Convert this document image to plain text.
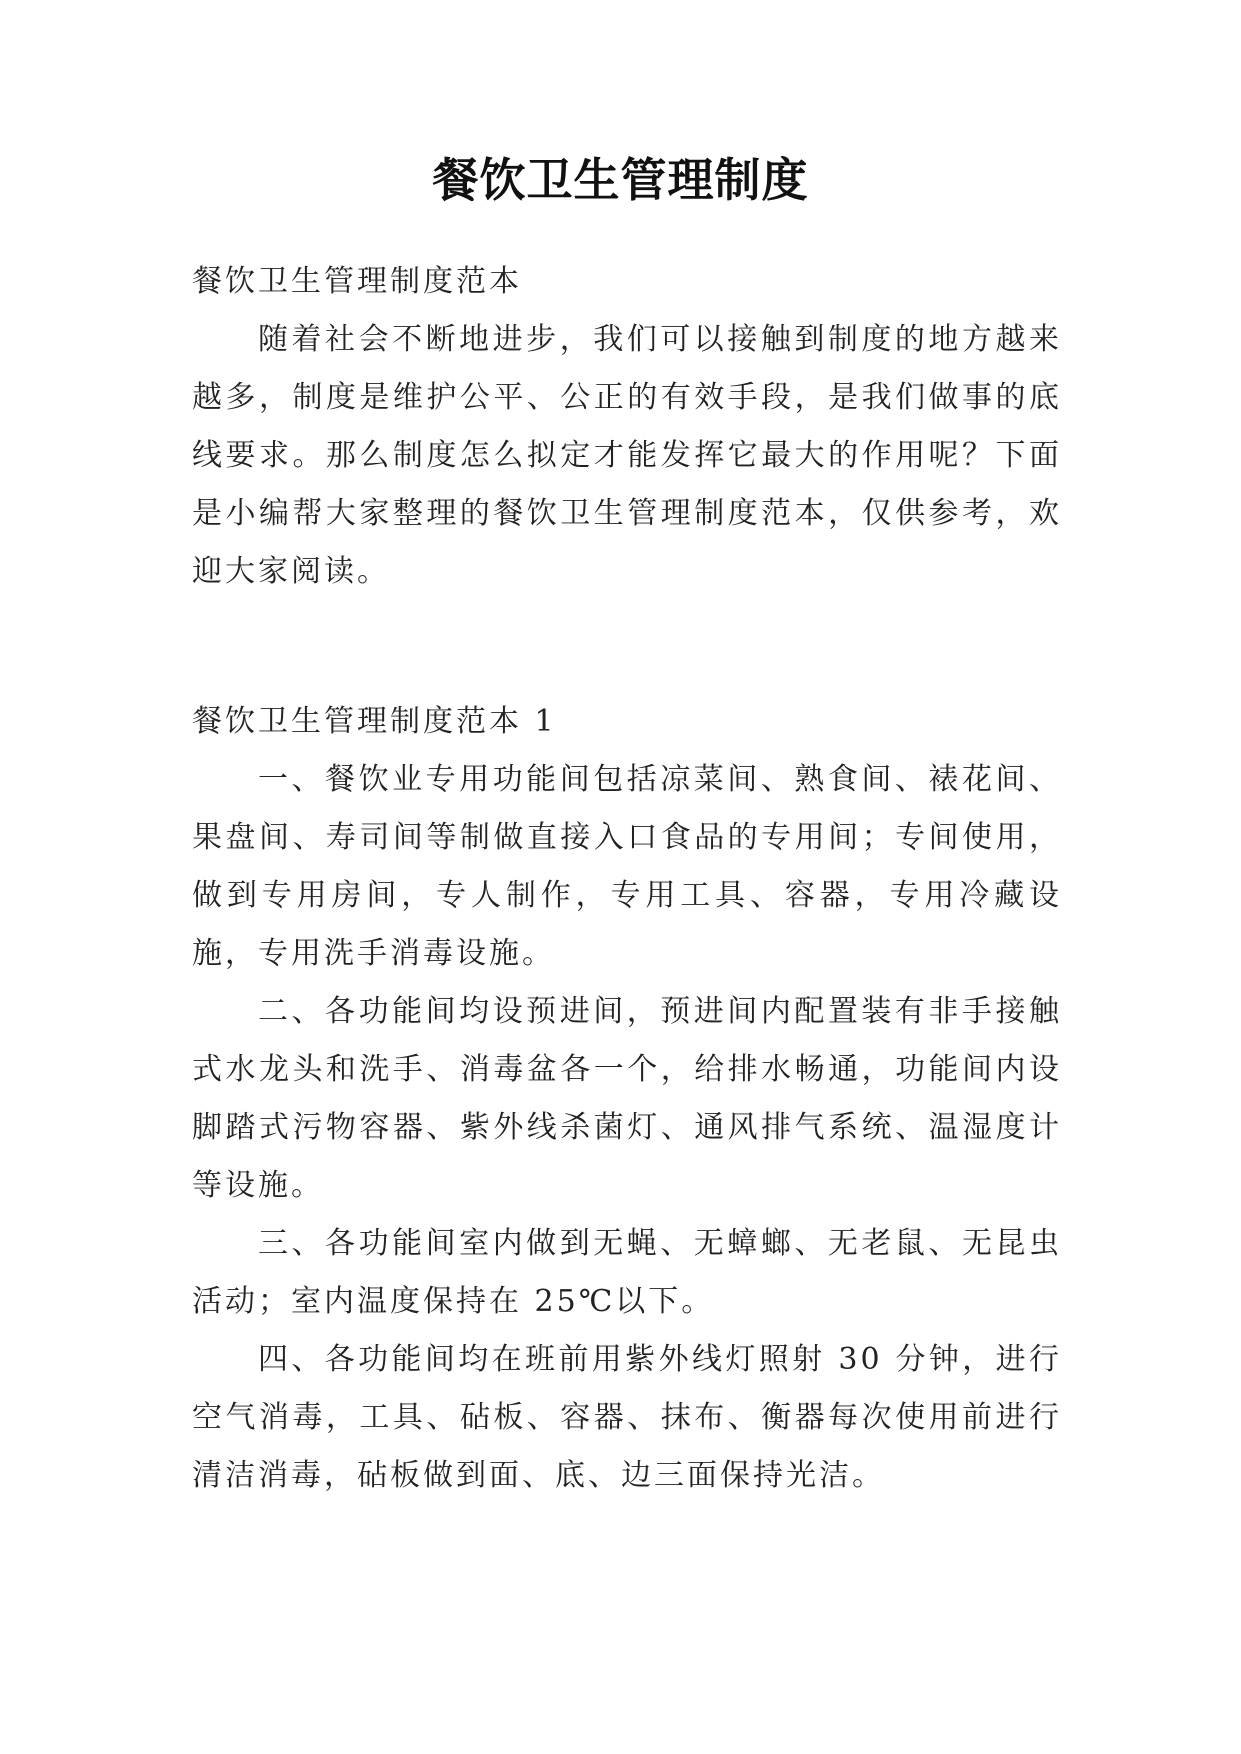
餐饮卫生管理制度
餐饮卫生管理制度范本

随着社会不断地进步，我们可以接触到制度的地方越来越多，制度是维护公平、公正的有效手段，是我们做事的底线要求。那么制度怎么拟定才能发挥它最大的作用呢？下面是小编帮大家整理的餐饮卫生管理制度范本，仅供参考，欢迎大家阅读。

餐饮卫生管理制度范本 1

一、餐饮业专用功能间包括凉菜间、熟食间、裱花间、果盘间、寿司间等制做直接入口食品的专用间；专间使用，做到专用房间，专人制作，专用工具、容器，专用冷藏设施，专用洗手消毒设施。

二、各功能间均设预进间，预进间内配置装有非手接触式水龙头和洗手、消毒盆各一个，给排水畅通，功能间内设脚踏式污物容器、紫外线杀菌灯、通风排气系统、温湿度计等设施。

三、各功能间室内做到无蝇、无蟑螂、无老鼠、无昆虫活动；室内温度保持在 25℃以下。

四、各功能间均在班前用紫外线灯照射 30 分钟，进行空气消毒，工具、砧板、容器、抹布、衡器每次使用前进行清洁消毒，砧板做到面、底、边三面保持光洁。
